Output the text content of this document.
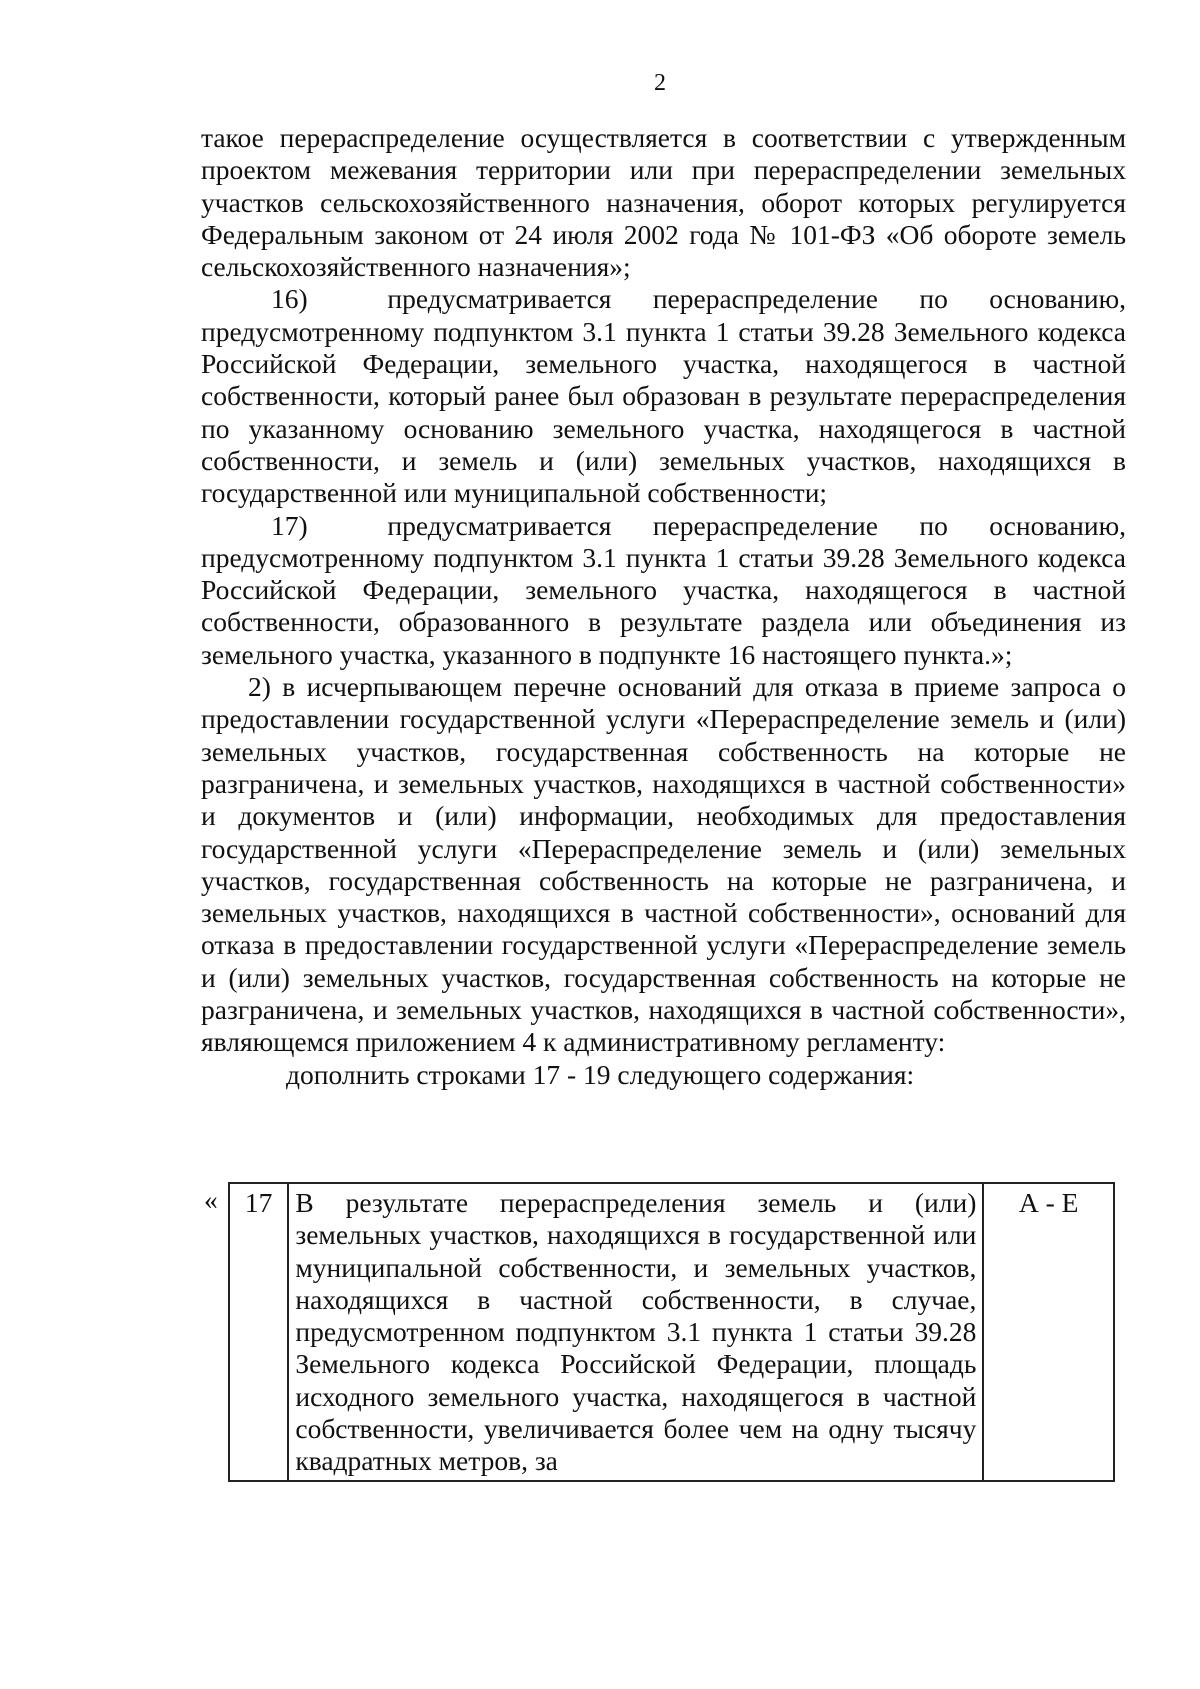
2

такое перераспределение осуществляется в соответствии с утвержденным проектом межевания территории или при перераспределении земельных участков сельскохозяйственного назначения, оборот которых регулируется Федеральным законом от 24 июля 2002 года № 101-ФЗ «Об обороте земель сельскохозяйственного назначения»;

16)	предусматривается перераспределение по основанию, предусмотренному подпунктом 3.1 пункта 1 статьи 39.28 Земельного кодекса Российской Федерации, земельного участка, находящегося в частной собственности, который ранее был образован в результате перераспределения по указанному основанию земельного участка, находящегося в частной собственности, и земель и (или) земельных участков, находящихся в государственной или муниципальной собственности;

17)	предусматривается перераспределение по основанию, предусмотренному подпунктом 3.1 пункта 1 статьи 39.28 Земельного кодекса Российской Федерации, земельного участка, находящегося в частной собственности, образованного в результате раздела или объединения из земельного участка, указанного в подпункте 16 настоящего пункта.»;

2) в исчерпывающем перечне оснований для отказа в приеме запроса о предоставлении государственной услуги «Перераспределение земель и (или) земельных участков, государственная собственность на которые не разграничена, и земельных участков, находящихся в частной собственности» и документов и (или) информации, необходимых для предоставления государственной услуги «Перераспределение земель и (или) земельных участков, государственная собственность на которые не разграничена, и земельных участков, находящихся в частной собственности», оснований для отказа в предоставлении государственной услуги «Перераспределение земель и (или) земельных участков, государственная собственность на которые не разграничена, и земельных участков, находящихся в частной собственности», являющемся приложением 4 к административному регламенту:

дополнить строками 17 - 19 следующего содержания:

« 17	В результате перераспределения земель и (или) земельных участков, находящихся в государственной или муниципальной собственности, и земельных участков, находящихся в частной собственности, в случае, предусмотренном подпунктом 3.1 пункта 1 статьи 39.28 Земельного кодекса Российской Федерации, площадь исходного земельного участка, находящегося в частной собственности, увеличивается более чем на одну тысячу квадратных метров, за	А - Е
